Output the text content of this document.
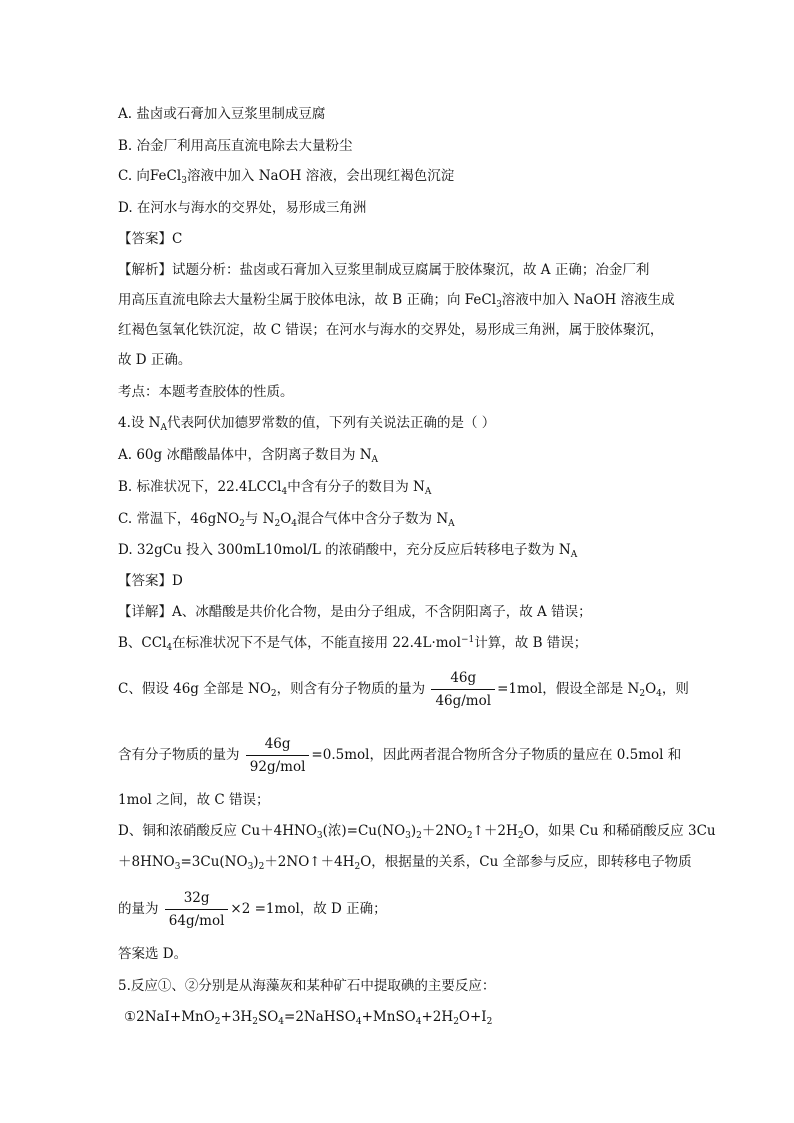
A. 盐卤或石膏加入豆浆里制成豆腐
B. 冶金厂利用高压直流电除去大量粉尘
C. 向FeCl$_3$溶液中加入 NaOH 溶液，会出现红褐色沉淀
D. 在河水与海水的交界处，易形成三角洲
【答案】C
【解析】试题分析：盐卤或石膏加入豆浆里制成豆腐属于胶体聚沉，故 A 正确；冶金厂利
用高压直流电除去大量粉尘属于胶体电泳，故 B 正确；向 FeCl$_3$溶液中加入 NaOH 溶液生成
红褐色氢氧化铁沉淀，故 C 错误；在河水与海水的交界处，易形成三角洲，属于胶体聚沉，
故 D 正确。
考点：本题考查胶体的性质。
4.设 $N_A$代表阿伏加德罗常数的值，下列有关说法正确的是（ ）
A. 60g 冰醋酸晶体中，含阴离子数目为 $N_A$
B. 标准状况下，22.4LCCl$_4$中含有分子的数目为 $N_A$
C. 常温下，46gNO$_2$与 $N_2O_4$混合气体中含分子数为 $N_A$
D. 32gCu 投入 300mL10mol/L 的浓硝酸中，充分反应后转移电子数为 $N_A$
【答案】D
【详解】A、冰醋酸是共价化合物，是由分子组成，不含阴阳离子，故 A 错误；
B、CCl$_4$在标准状况下不是气体，不能直接用 22.4L·mol$^{-1}$计算，故 B 错误；
C、假设 46g 全部是 $NO_2$，则含有分子物质的量为 $\frac{46g}{\text{46g/mol}} =1mol$，假设全部是 $N_2O_4$，则
含有分子物质的量为 $\frac{46g}{\text{92g/mol}} =0.5mol$，因此两者混合物所含分子物质的量应在 0.5mol 和
1mol 之间，故 C 错误；
D、铜和浓硝酸反应 $Cu+4HNO_3$(浓)$=Cu(NO_3)_2+2NO_2↑+2H_2O$，如果 Cu 和稀硝酸反应 3Cu
$+8HNO_3=3Cu(NO_3)_2+2NO↑+4H_2O$，根据量的关系，Cu 全部参与反应，即转移电子物质
的量为 $\frac{32g}{\text{64g/mol}} \times 2 =1mol$，故 D 正确；
答案选 D。
5.反应①、②分别是从海藻灰和某种矿石中提取碘的主要反应：
$①2NaI+MnO_2+3H_2SO_4=2NaHSO_4+MnSO_4+2H_2O+I_2$
